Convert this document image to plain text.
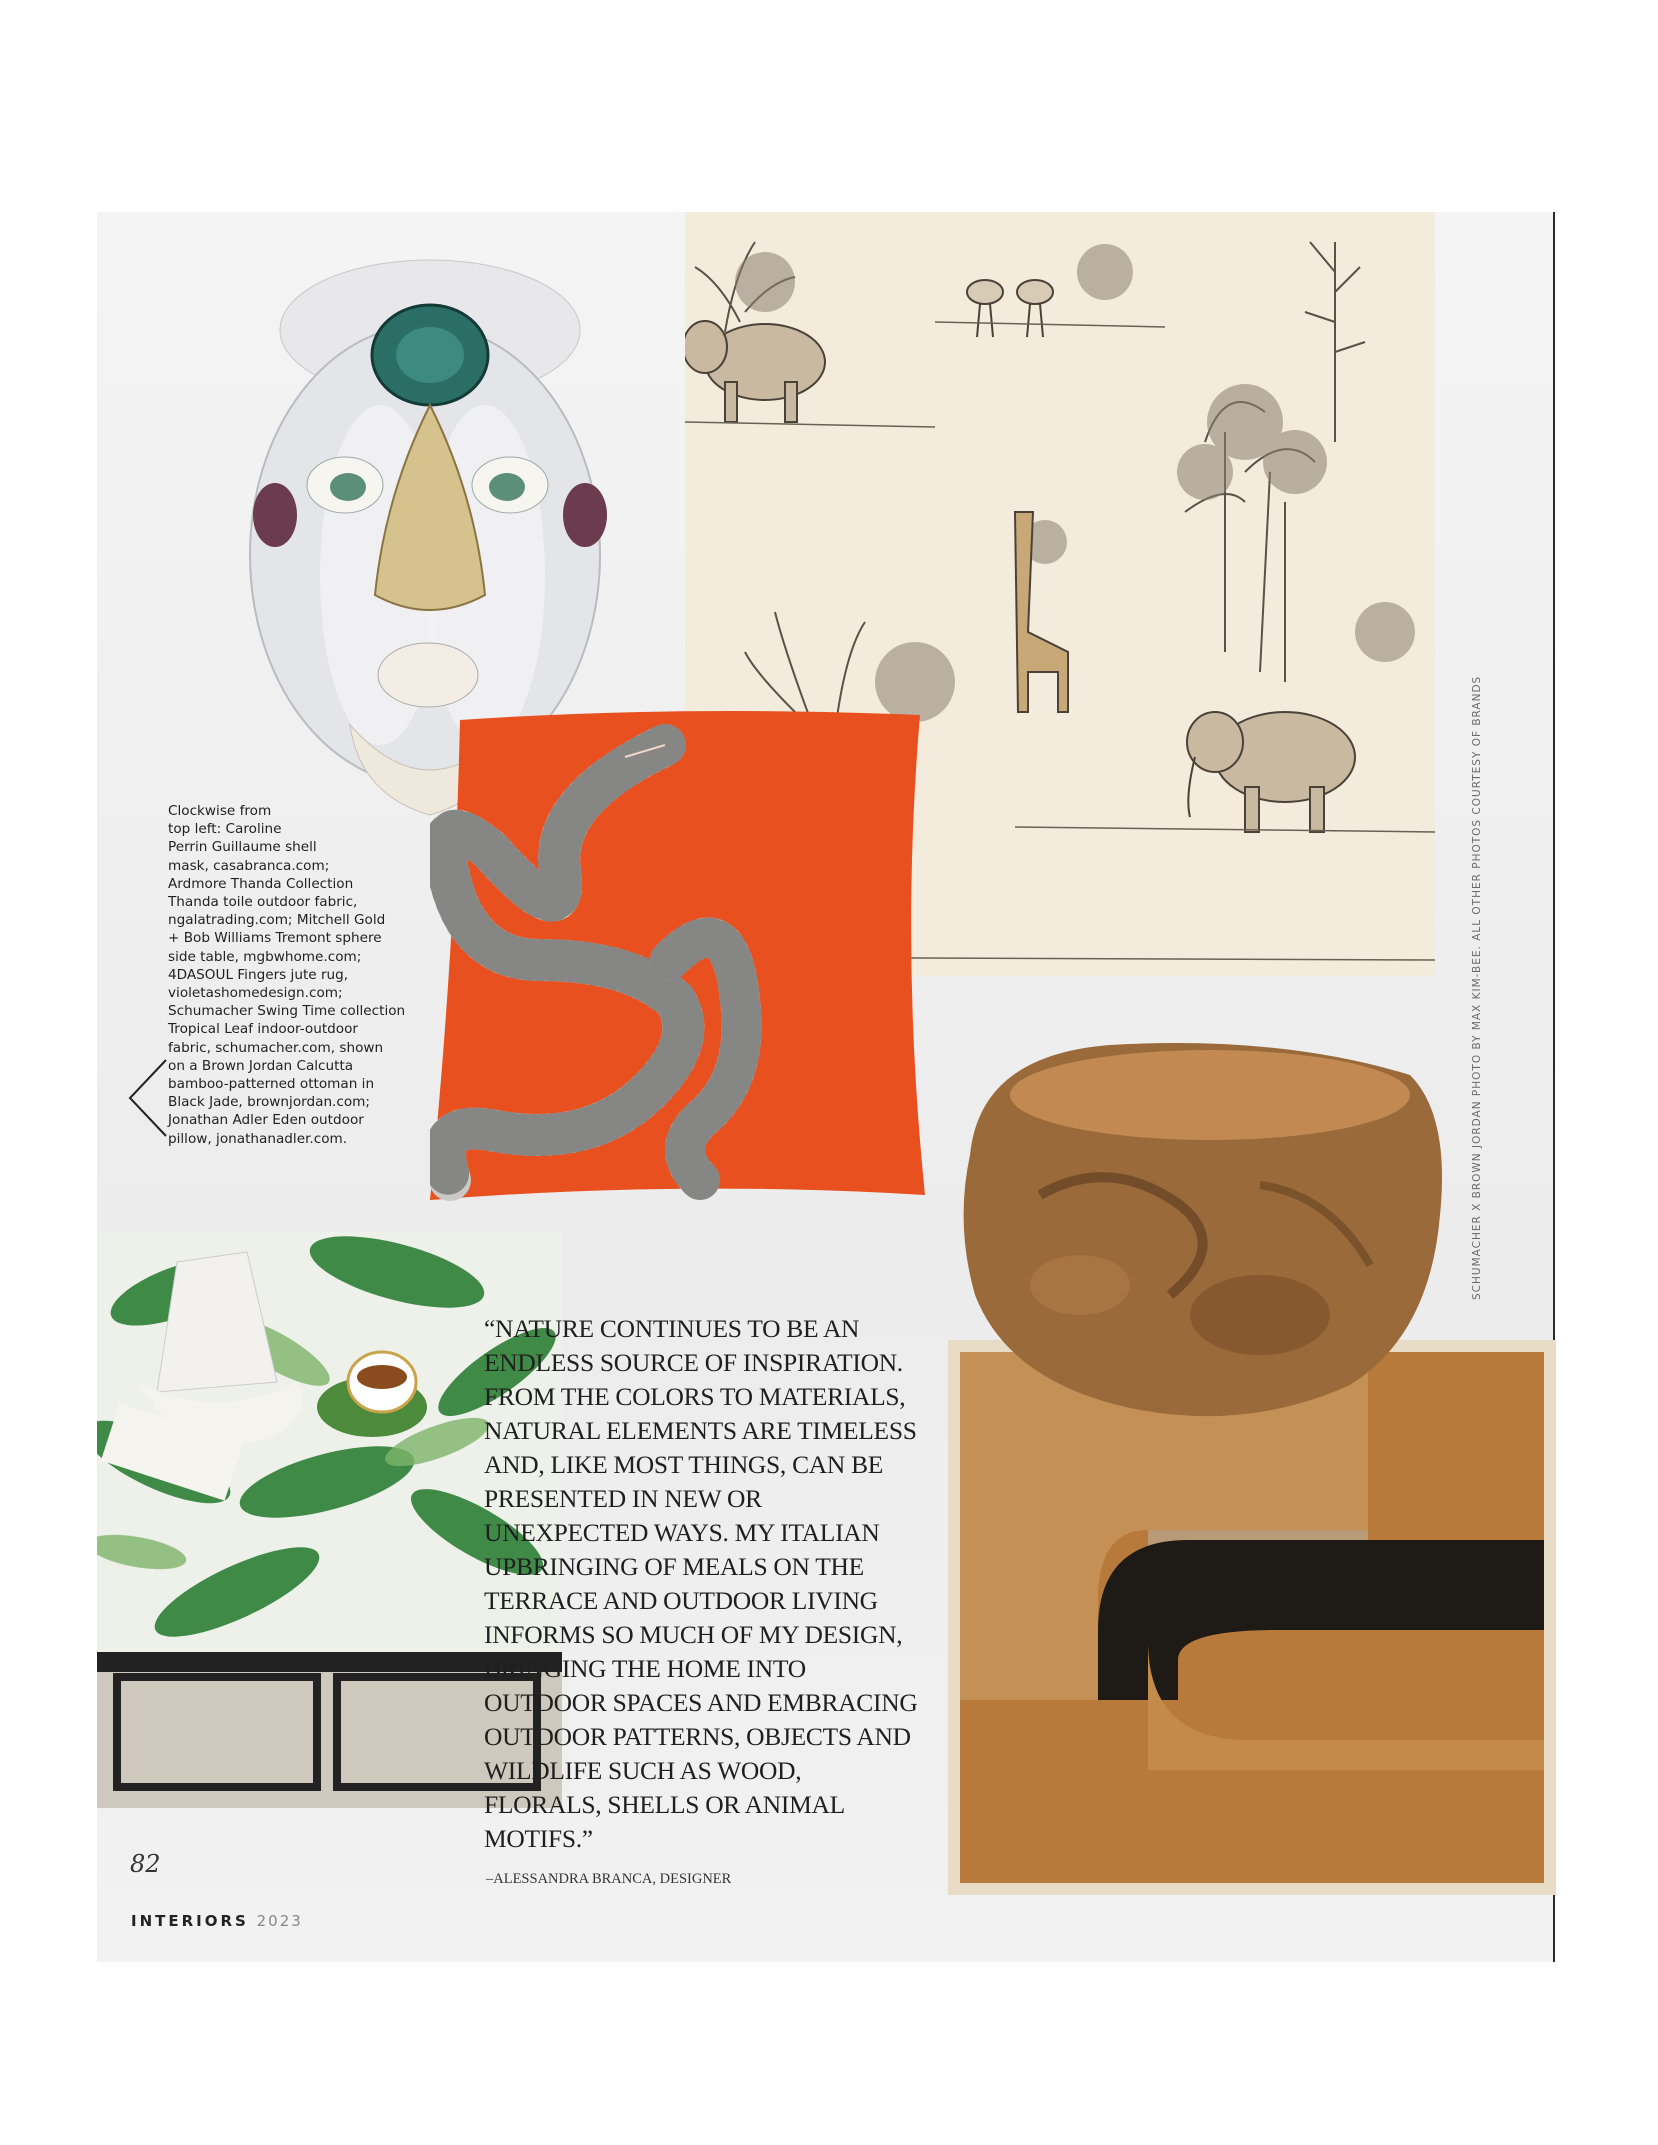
Clockwise from
top left: Caroline
Perrin Guillaume shell
mask, casabranca.com;
Ardmore Thanda Collection
Thanda toile outdoor fabric,
ngalatrading.com; Mitchell Gold
+ Bob Williams Tremont sphere
side table, mgbwhome.com;
4DASOUL Fingers jute rug,
violetashomedesign.com;
Schumacher Swing Time collection
Tropical Leaf indoor-outdoor
fabric, schumacher.com, shown
on a Brown Jordan Calcutta
bamboo-patterned ottoman in
Black Jade, brownjordan.com;
Jonathan Adler Eden outdoor
pillow, jonathanadler.com.
“NATURE CONTINUES TO BE AN ENDLESS SOURCE OF INSPIRATION. FROM THE COLORS TO MATERIALS, NATURAL ELEMENTS ARE TIMELESS AND, LIKE MOST THINGS, CAN BE PRESENTED IN NEW OR UNEXPECTED WAYS. MY ITALIAN UPBRINGING OF MEALS ON THE TERRACE AND OUTDOOR LIVING INFORMS SO MUCH OF MY DESIGN, BRINGING THE HOME INTO OUTDOOR SPACES AND EMBRACING OUTDOOR PATTERNS, OBJECTS AND WILDLIFE SUCH AS WOOD, FLORALS, SHELLS OR ANIMAL MOTIFS.”
–ALESSANDRA BRANCA, DESIGNER
82
INTERIORS 2023
SCHUMACHER X BROWN JORDAN PHOTO BY MAX KIM-BEE. ALL OTHER PHOTOS COURTESY OF BRANDS
